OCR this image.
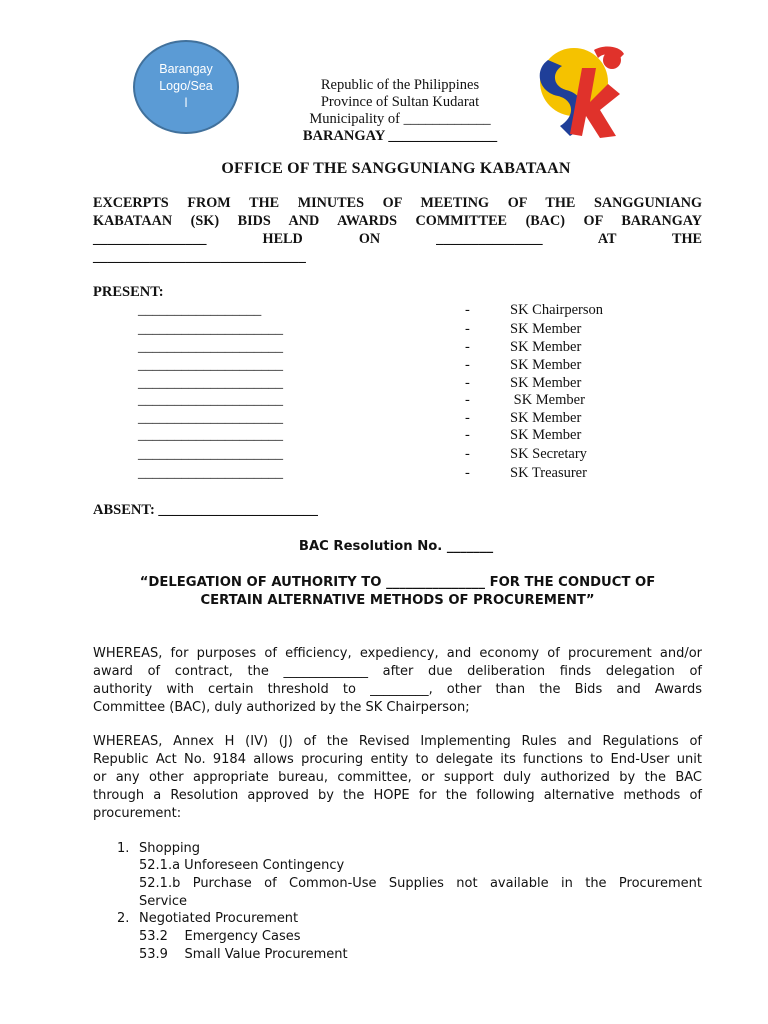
Barangay
Logo/Sea
l
Republic of the Philippines
Province of Sultan Kudarat
Municipality of ____________
BARANGAY _______________
OFFICE OF THE SANGGUNIANG KABATAAN
EXCERPTS FROM THE MINUTES OF MEETING OF THE SANGGUNIANG
KABATAAN (SK) BIDS AND AWARDS COMMITTEE (BAC) OF BARANGAY
________________ HELD ON _______________ AT THE
______________________________
PRESENT:
_________________	-	SK Chairperson
____________________	-	SK Member
____________________	-	SK Member
____________________	-	SK Member
____________________	-	SK Member
____________________	-	SK Member
____________________	-	SK Member
____________________	-	SK Member
____________________	-	SK Secretary
____________________	-	SK Treasurer
ABSENT: ______________________
BAC Resolution No. _______
“DELEGATION OF AUTHORITY TO _______________ FOR THE CONDUCT OF
CERTAIN ALTERNATIVE METHODS OF PROCUREMENT”
WHEREAS, for purposes of efficiency, expediency, and economy of procurement and/or
award of contract, the _____________ after due deliberation finds delegation of
authority with certain threshold to _________, other than the Bids and Awards
Committee (BAC), duly authorized by the SK Chairperson;
WHEREAS, Annex H (IV) (J) of the Revised Implementing Rules and Regulations of
Republic Act No. 9184 allows procuring entity to delegate its functions to End-User unit
or any other appropriate bureau, committee, or support duly authorized by the BAC
through a Resolution approved by the HOPE for the following alternative methods of
procurement:
1. Shopping
52.1.a Unforeseen Contingency
52.1.b Purchase of Common-Use Supplies not available in the Procurement
Service
2. Negotiated Procurement
53.2    Emergency Cases
53.9    Small Value Procurement
